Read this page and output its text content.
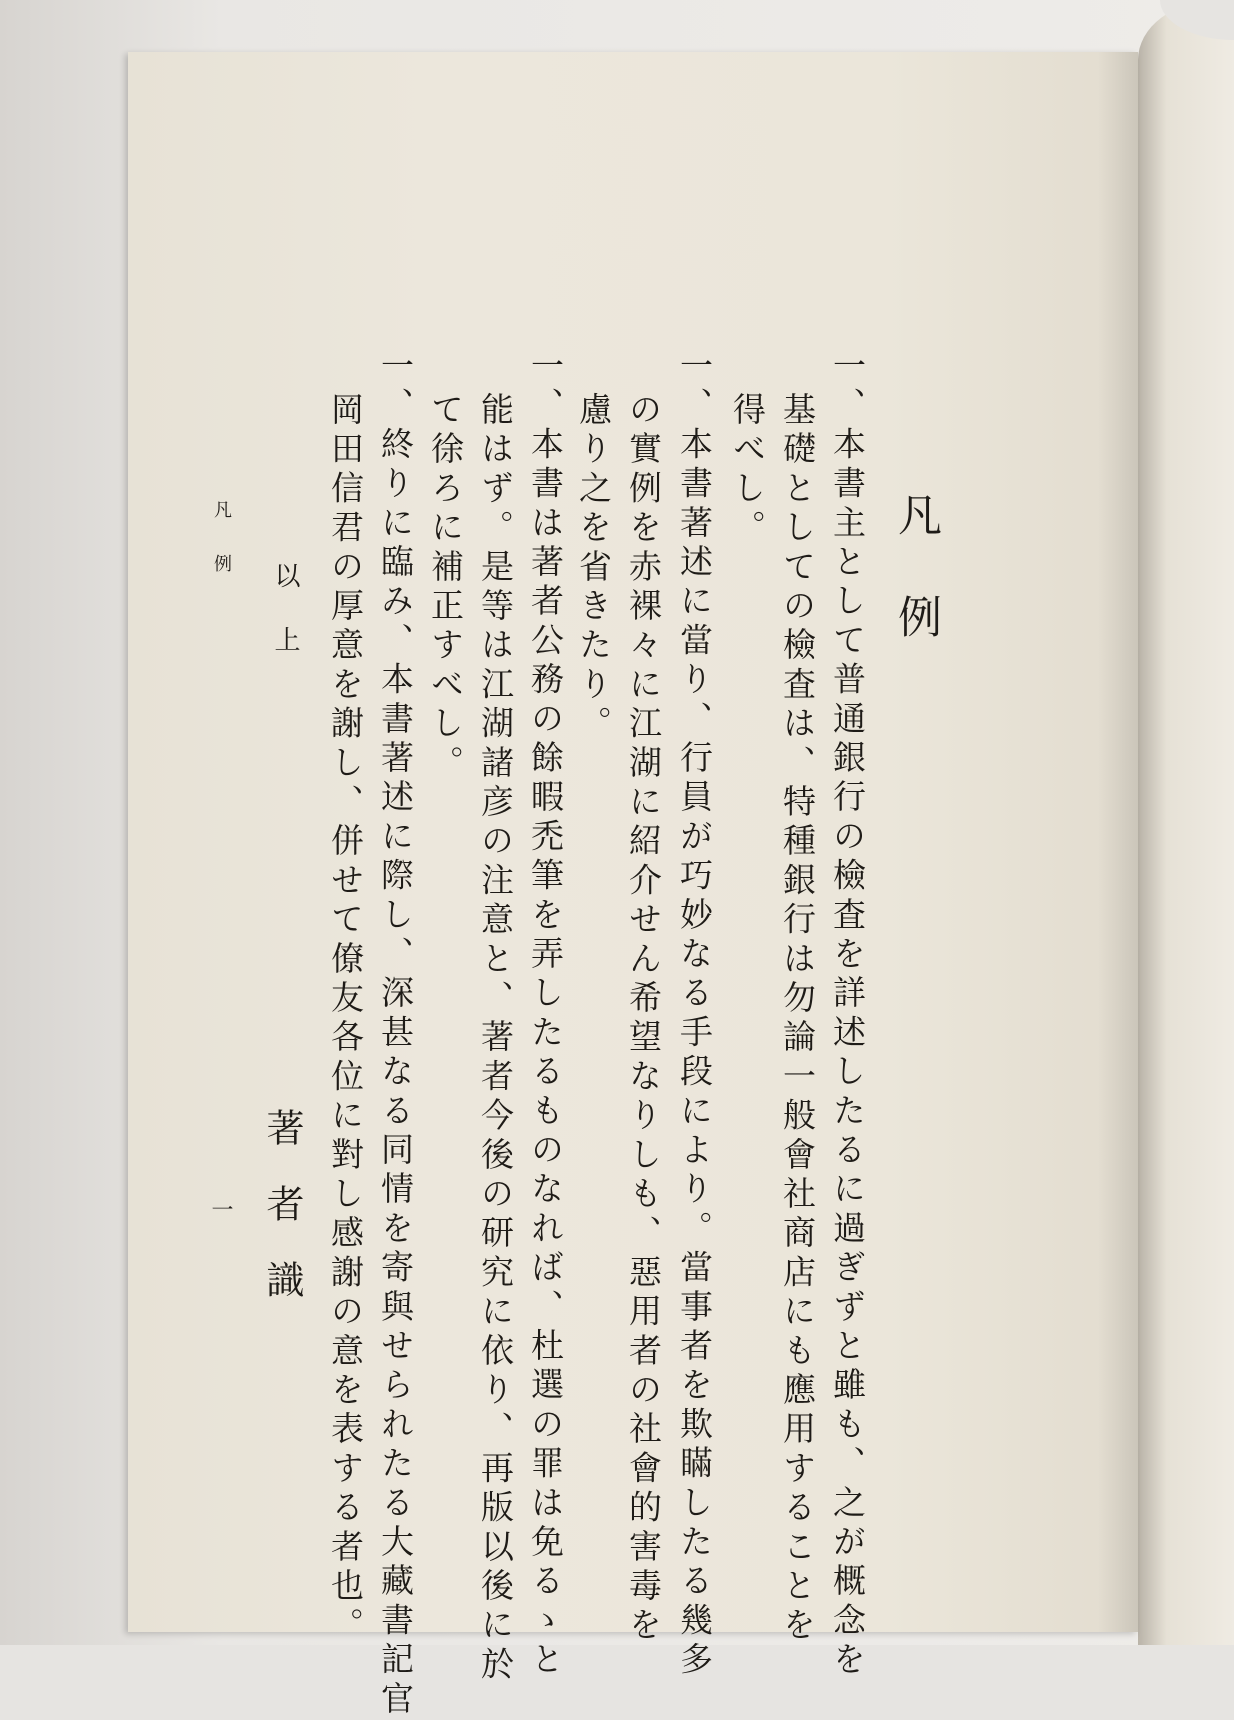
凡例
一、本書主として普通銀行の檢査を詳述したるに過ぎずと雖も、之が概念を
基礎としての檢査は、特種銀行は勿論一般會社商店にも應用することを
得べし。
一、本書著述に當り、行員が巧妙なる手段により。當事者を欺瞞したる幾多
の實例を赤裸々に江湖に紹介せん希望なりしも、惡用者の社會的害毒を
慮り之を省きたり。
一、本書は著者公務の餘暇禿筆を弄したるものなれば、杜選の罪は免るゝと
能はず。是等は江湖諸彦の注意と、著者今後の研究に依り、再版以後に於
て徐ろに補正すべし。
一、終りに臨み、本書著述に際し、深甚なる同情を寄與せられたる大藏書記官
岡田信君の厚意を謝し、併せて僚友各位に對し感謝の意を表する者也。
以上
著者識
凡例
一
